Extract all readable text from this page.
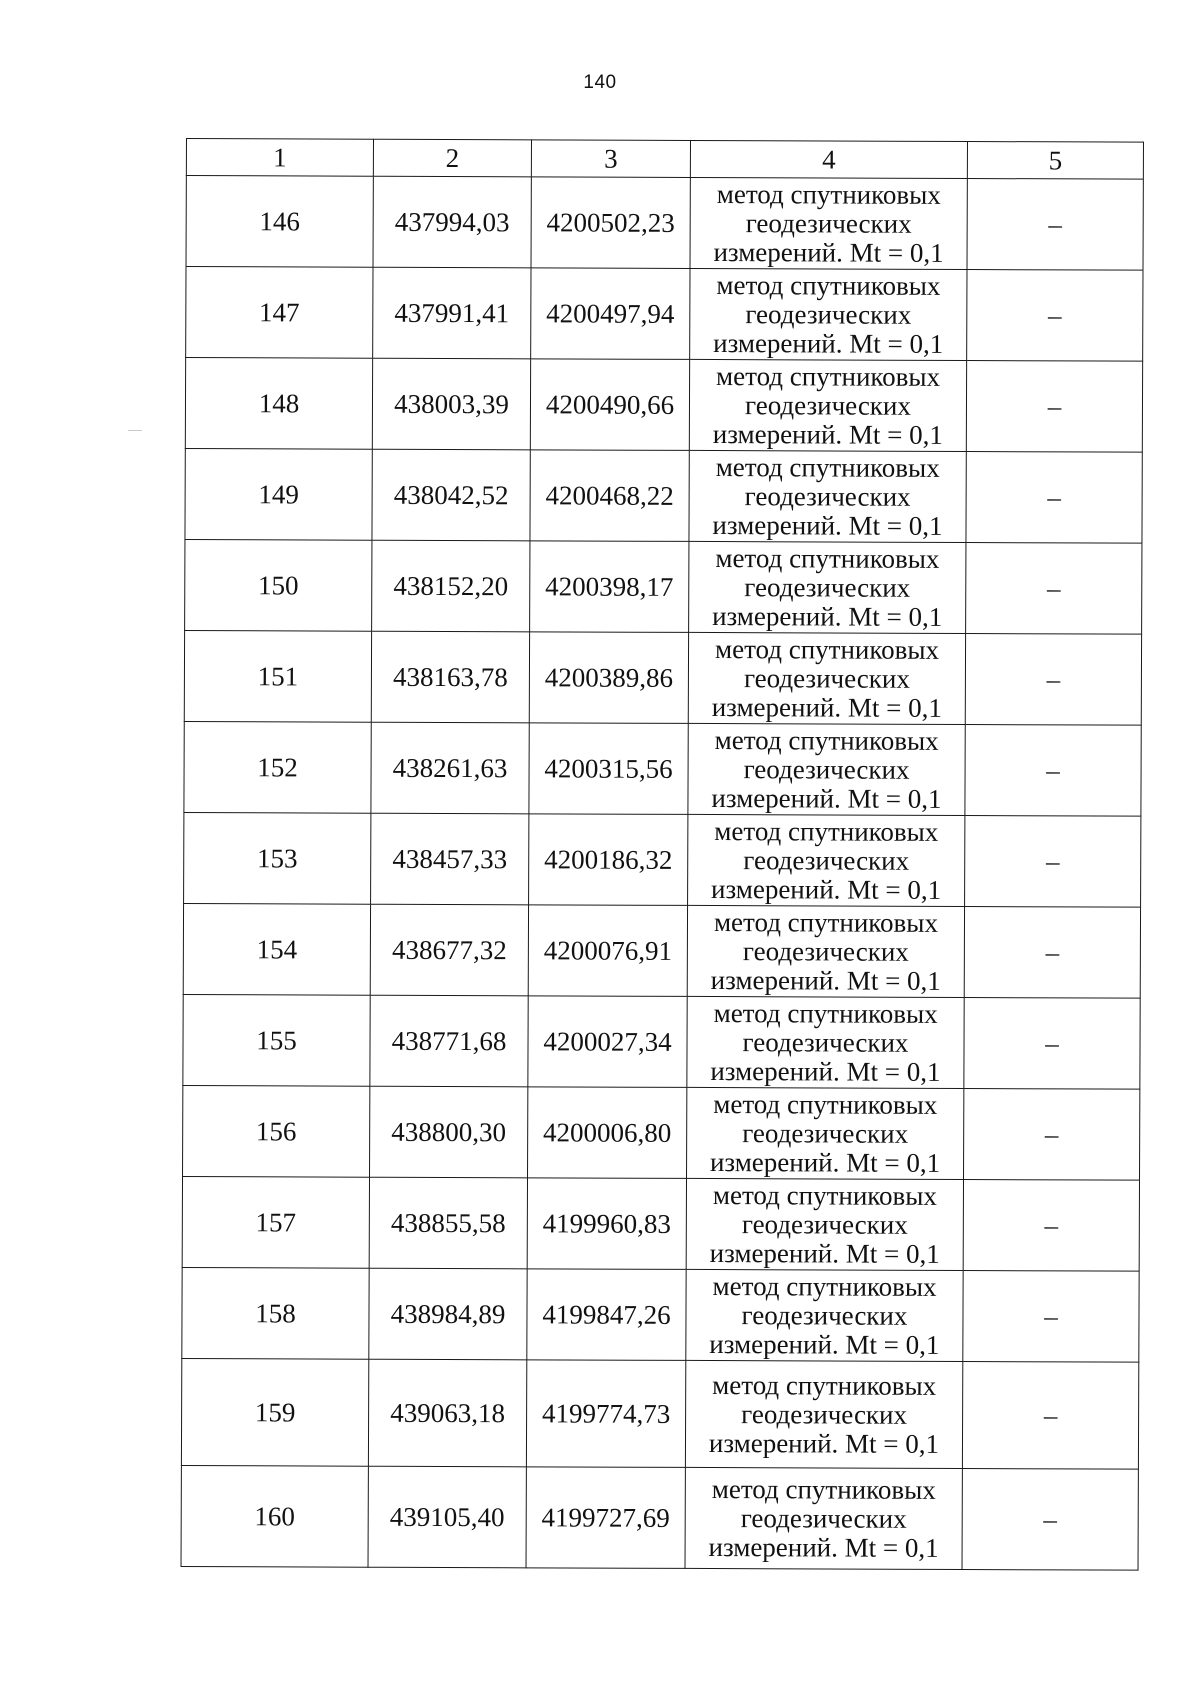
140
1	2	3	4	5
146	437994,03	4200502,23	метод спутниковых
геодезических
измерений. Mt = 0,1	–
147	437991,41	4200497,94	метод спутниковых
геодезических
измерений. Mt = 0,1	–
148	438003,39	4200490,66	метод спутниковых
геодезических
измерений. Mt = 0,1	–
149	438042,52	4200468,22	метод спутниковых
геодезических
измерений. Mt = 0,1	–
150	438152,20	4200398,17	метод спутниковых
геодезических
измерений. Mt = 0,1	–
151	438163,78	4200389,86	метод спутниковых
геодезических
измерений. Mt = 0,1	–
152	438261,63	4200315,56	метод спутниковых
геодезических
измерений. Mt = 0,1	–
153	438457,33	4200186,32	метод спутниковых
геодезических
измерений. Mt = 0,1	–
154	438677,32	4200076,91	метод спутниковых
геодезических
измерений. Mt = 0,1	–
155	438771,68	4200027,34	метод спутниковых
геодезических
измерений. Mt = 0,1	–
156	438800,30	4200006,80	метод спутниковых
геодезических
измерений. Mt = 0,1	–
157	438855,58	4199960,83	метод спутниковых
геодезических
измерений. Mt = 0,1	–
158	438984,89	4199847,26	метод спутниковых
геодезических
измерений. Mt = 0,1	–
159	439063,18	4199774,73	метод спутниковых
геодезических
измерений. Mt = 0,1	–
160	439105,40	4199727,69	метод спутниковых
геодезических
измерений. Mt = 0,1	–
